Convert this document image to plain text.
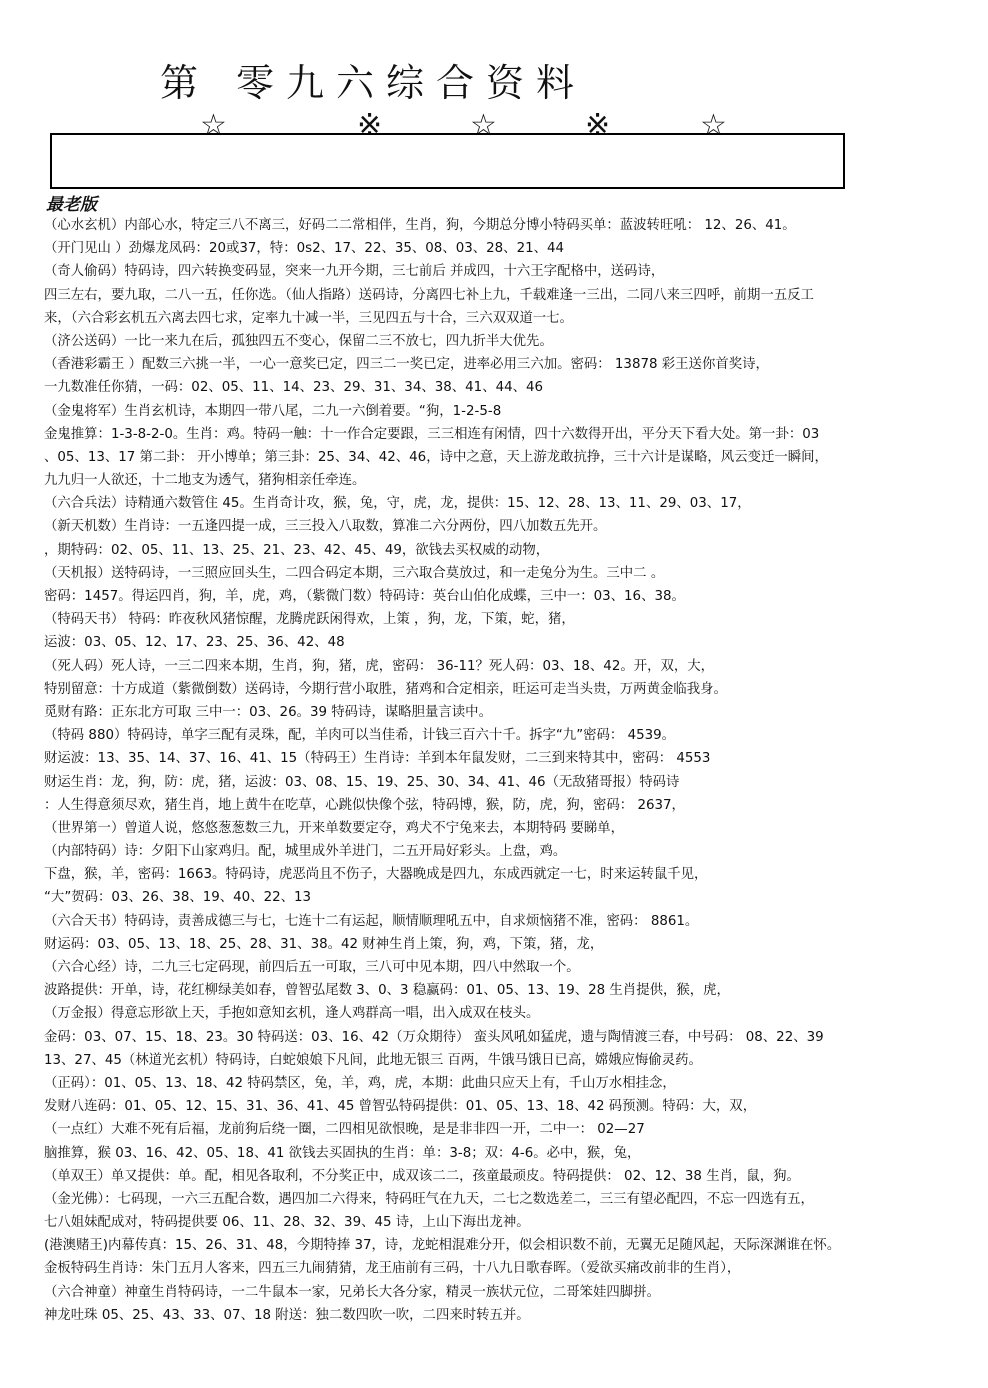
第 零九六综合资料
☆	※	☆	※	☆
最老版
（心水玄机）内部心水，特定三八不离三，好码二二常相伴，生肖，狗，今期总分博小特码买单：蓝波转旺吼： 12、26、41。
（开门见山 ）劲爆龙凤码：20或37，特：0s2、17、22、35、08、03、28、21、44
（奇人偷码）特码诗，四六转换变码显，突来一九开今期，三七前后 并成四，十六王字配格中，送码诗，
四三左右，要九取，二八一五，任你选。（仙人指路）送码诗，分离四七补上九，千载难逢一三出，二同八来三四呼，前期一五反工
来，（六合彩玄机五六离去四七求，定率九十减一半，三见四五与十合，三六双双道一七。
（济公送码）一比一来九在后，孤独四五不变心，保留二三不放七，四九折半大优先。
（香港彩霸王 ）配数三六挑一半，一心一意奖已定，四三二一奖已定，进率必用三六加。密码： 13878 彩王送你首奖诗，
一九数准任你猜，一码：02、05、11、14、23、29、31、34、38、41、44、46
（金鬼将军）生肖玄机诗，本期四一带八尾，二九一六倒着要。“狗，1-2-5-8
金鬼推算：1-3-8-2-0。生肖：鸡。特码一触：十一作合定要跟，三三相连有闲情，四十六数得开出，平分天下看大处。第一卦：03
、05、13、17 第二卦： 开小博单；第三卦：25、34、42、46，诗中之意，天上游龙敢抗挣，三十六计是谋略，风云变迁一瞬间，
九九归一人欲还，十二地支为透气，猪狗相亲任牵连。
（六合兵法）诗精通六数管住 45。生肖奇计攻，猴，兔，守，虎，龙，提供：15、12、28、13、11、29、03、17，
（新天机数）生肖诗：一五逢四提一成，三三投入八取数，算准二六分两份，四八加数五先开。
，期特码：02、05、11、13、25、21、23、42、45、49，欲钱去买权威的动物，
（天机报）送特码诗，一三照应回头生，二四合码定本期，三六取合莫放过，和一走兔分为生。三中二 。
密码：1457。得运四肖，狗，羊，虎，鸡，（紫微门数）特码诗：英台山伯化成蝶，三中一：03、16、38。
（特码天书） 特码：昨夜秋风猪惊醒，龙腾虎跃闲得欢，上策 ，狗，龙，下策，蛇，猪，
运波：03、05、12、17、23、25、36、42、48
（死人码）死人诗，一三二四来本期，生肖，狗，猪，虎，密码： 36-11？死人码：03、18、42。开，双，大，
特别留意：十方成道（紫微倒数）送码诗，今期行营小取胜，猪鸡和合定相亲，旺运可走当头贵，万两黄金临我身。
觅财有路：正东北方可取 三中一：03、26。39 特码诗，谋略胆量言读中。
（特码 880）特码诗，单字三配有灵珠，配，羊肉可以当佳希，计钱三百六十千。拆字“九”密码： 4539。
财运波：13、35、14、37、16、41、15（特码王）生肖诗：羊到本年鼠发财，二三到来特其中，密码： 4553
财运生肖：龙，狗，防：虎，猪，运波：03、08、15、19、25、30、34、41、46（无敌猪哥报）特码诗
：人生得意须尽欢，猪生肖，地上黄牛在吃草，心跳似快像个弦，特码博，猴，防，虎，狗，密码： 2637，
（世界第一）曾道人说，悠悠葱葱数三九，开来单数要定夺，鸡犬不宁兔来去，本期特码 要睇单，
（内部特码）诗：夕阳下山家鸡归。配，城里成外羊进门，二五开局好彩头。上盘，鸡。
下盘，猴，羊，密码：1663。特码诗，虎恶尚且不伤子，大器晚成是四九，东成西就定一七，时来运转鼠千见，
“大”贺码：03、26、38、19、40、22、13
（六合天书）特码诗，责善成德三与七，七连十二有运起，顺情顺理吼五中，自求烦恼猪不准，密码： 8861。
财运码：03、05、13、18、25、28、31、38。42 财神生肖上策，狗，鸡，下策，猪，龙，
（六合心经）诗，二九三七定码现，前四后五一可取，三八可中见本期，四八中然取一个。
波路提供：开单，诗，花红柳绿美如春，曾智弘尾数 3、0、3 稳赢码：01、05、13、19、28 生肖提供，猴，虎，
（万金报）得意忘形欲上天，手抱如意知玄机，逢人鸡群高一唱，出入成双在枝头。
金码：03、07、15、18、23。30 特码送：03、16、42（万众期待） 蛮头风吼如猛虎，遗与陶情渡三春，中号码： 08、22、39
13、27、45（林道光玄机）特码诗，白蛇娘娘下凡间，此地无银三 百两，牛饿马饿日已高，嫦娥应悔偷灵药。
（正码）：01、05、13、18、42 特码禁区，兔，羊，鸡，虎，本期：此曲只应天上有，千山万水相挂念，
发财八连码：01、05、12、15、31、36、41、45 曾智弘特码提供：01、05、13、18、42 码预测。特码：大，双，
（一点红）大难不死有后福，龙前狗后绕一圈，二四相见欲恨晚，是是非非四一开，二中一： 02—27
脑推算，猴 03、16、42、05、18、41 欲钱去买固执的生肖：单：3-8；双：4-6。必中，猴，兔，
（单双王）单又提供：单。配，相见各取利，不分奖正中，成双该二二，孩童最顽皮。特码提供： 02、12、38 生肖，鼠，狗。
（金光佛）：七码现，一六三五配合数，遇四加二六得来，特码旺气在九天，二七之数选差二，三三有望必配四，不忘一四选有五，
七八姐妹配成对，特码提供要 06、11、28、32、39、45 诗，上山下海出龙神。
(港澳赌王)内幕传真：15、26、31、48，今期特捧 37，诗，龙蛇相混难分开，似会相识数不前，无翼无足随风起，天际深渊谁在怀。
金板特码生肖诗：朱门五月人客来，四五三九闹猜猜，龙王庙前有三码，十八九日歌春晖。（爱欲买痛改前非的生肖），
（六合神童）神童生肖特码诗，一二牛鼠本一家，兄弟长大各分家，精灵一族状元位，二哥笨娃四脚拼。
神龙吐珠 05、25、43、33、07、18 附送：独二数四吹一吹，二四来时转五并。
